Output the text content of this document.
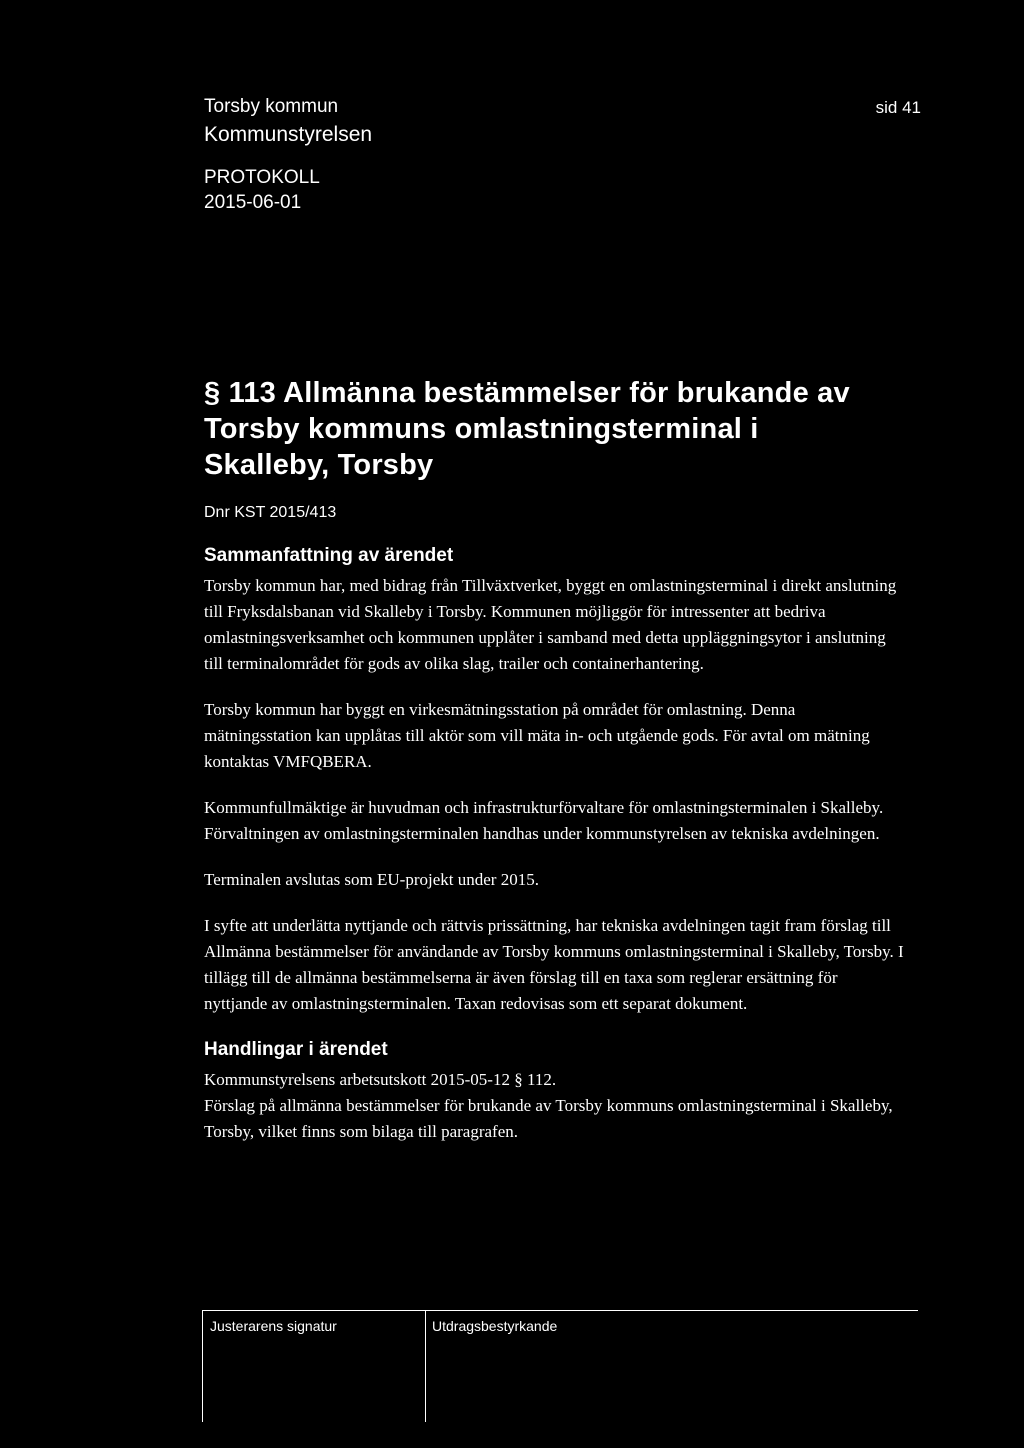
Torsby kommun
Kommunstyrelsen
PROTOKOLL
2015-06-01
sid 41
§ 113 Allmänna bestämmelser för brukande av
Torsby kommuns omlastningsterminal i
Skalleby, Torsby
Dnr KST 2015/413
Sammanfattning av ärendet

Torsby kommun har, med bidrag från Tillväxtverket, byggt en omlastningsterminal i direkt anslutning till Fryksdalsbanan vid Skalleby i Torsby. Kommunen möjliggör för intressenter att bedriva omlastningsverksamhet och kommunen upplåter i samband med detta uppläggningsytor i anslutning till terminalområdet för gods av olika slag, trailer och containerhantering.

Torsby kommun har byggt en virkesmätningsstation på området för omlastning. Denna mätningsstation kan upplåtas till aktör som vill mäta in- och utgående gods. För avtal om mätning kontaktas VMFQBERA.

Kommunfullmäktige är huvudman och infrastrukturförvaltare för omlastningsterminalen i Skalleby. Förvaltningen av omlastningsterminalen handhas under kommunstyrelsen av tekniska avdelningen.

Terminalen avslutas som EU-projekt under 2015.

I syfte att underlätta nyttjande och rättvis prissättning, har tekniska avdelningen tagit fram förslag till Allmänna bestämmelser för användande av Torsby kommuns omlastningsterminal i Skalleby, Torsby. I tillägg till de allmänna bestämmelserna är även förslag till en taxa som reglerar ersättning för nyttjande av omlastningsterminalen. Taxan redovisas som ett separat dokument.

Handlingar i ärendet

Kommunstyrelsens arbetsutskott 2015-05-12 § 112.

Förslag på allmänna bestämmelser för brukande av Torsby kommuns omlastningsterminal i Skalleby, Torsby, vilket finns som bilaga till paragrafen.

Justerarens signatur	Utdragsbestyrkande
